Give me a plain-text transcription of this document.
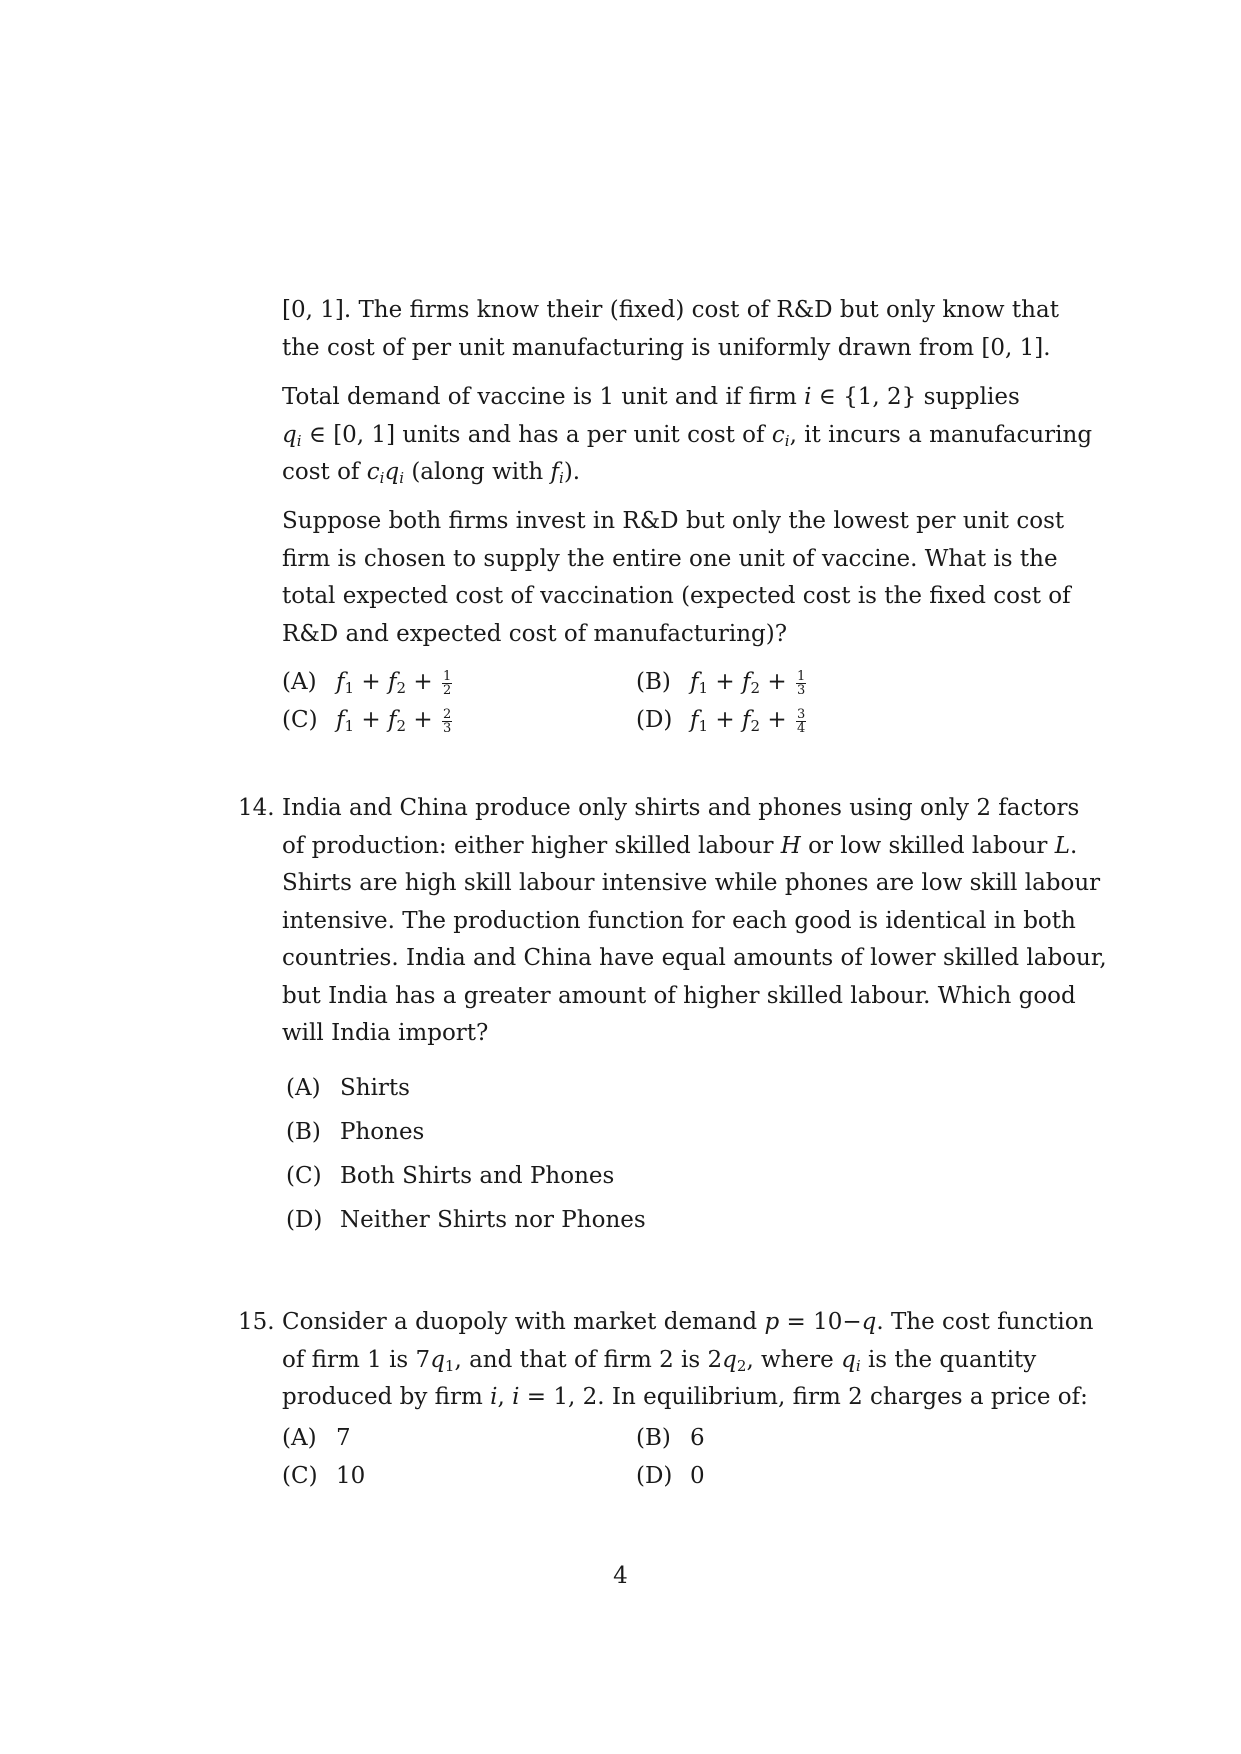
[0, 1]. The firms know their (fixed) cost of R&D but only know that
the cost of per unit manufacturing is uniformly drawn from [0, 1].
Total demand of vaccine is 1 unit and if firm i ∈ {1, 2} supplies
$q_i$ ∈ [0, 1] units and has a per unit cost of $c_i$, it incurs a manufacuring
cost of $c_iq_i$ (along with $f_i$).
Suppose both firms invest in R&D but only the lowest per unit cost
firm is chosen to supply the entire one unit of vaccine. What is the
total expected cost of vaccination (expected cost is the fixed cost of
R&D and expected cost of manufacturing)?
(A) $f_1 + f_2 + \frac{1}{2}$	(B) $f_1 + f_2 + \frac{1}{3}$
(C) $f_1 + f_2 + \frac{2}{3}$	(D) $f_1 + f_2 + \frac{3}{4}$
14. India and China produce only shirts and phones using only 2 factors
of production: either higher skilled labour H or low skilled labour L.
Shirts are high skill labour intensive while phones are low skill labour
intensive. The production function for each good is identical in both
countries. India and China have equal amounts of lower skilled labour,
but India has a greater amount of higher skilled labour. Which good
will India import?
(A) Shirts
(B) Phones
(C) Both Shirts and Phones
(D) Neither Shirts nor Phones
15. Consider a duopoly with market demand p = 10−q. The cost function
of firm 1 is $7q_1$, and that of firm 2 is $2q_2$, where $q_i$ is the quantity
produced by firm i, i = 1, 2. In equilibrium, firm 2 charges a price of:
(A) 7	(B) 6
(C) 10	(D) 0
4
